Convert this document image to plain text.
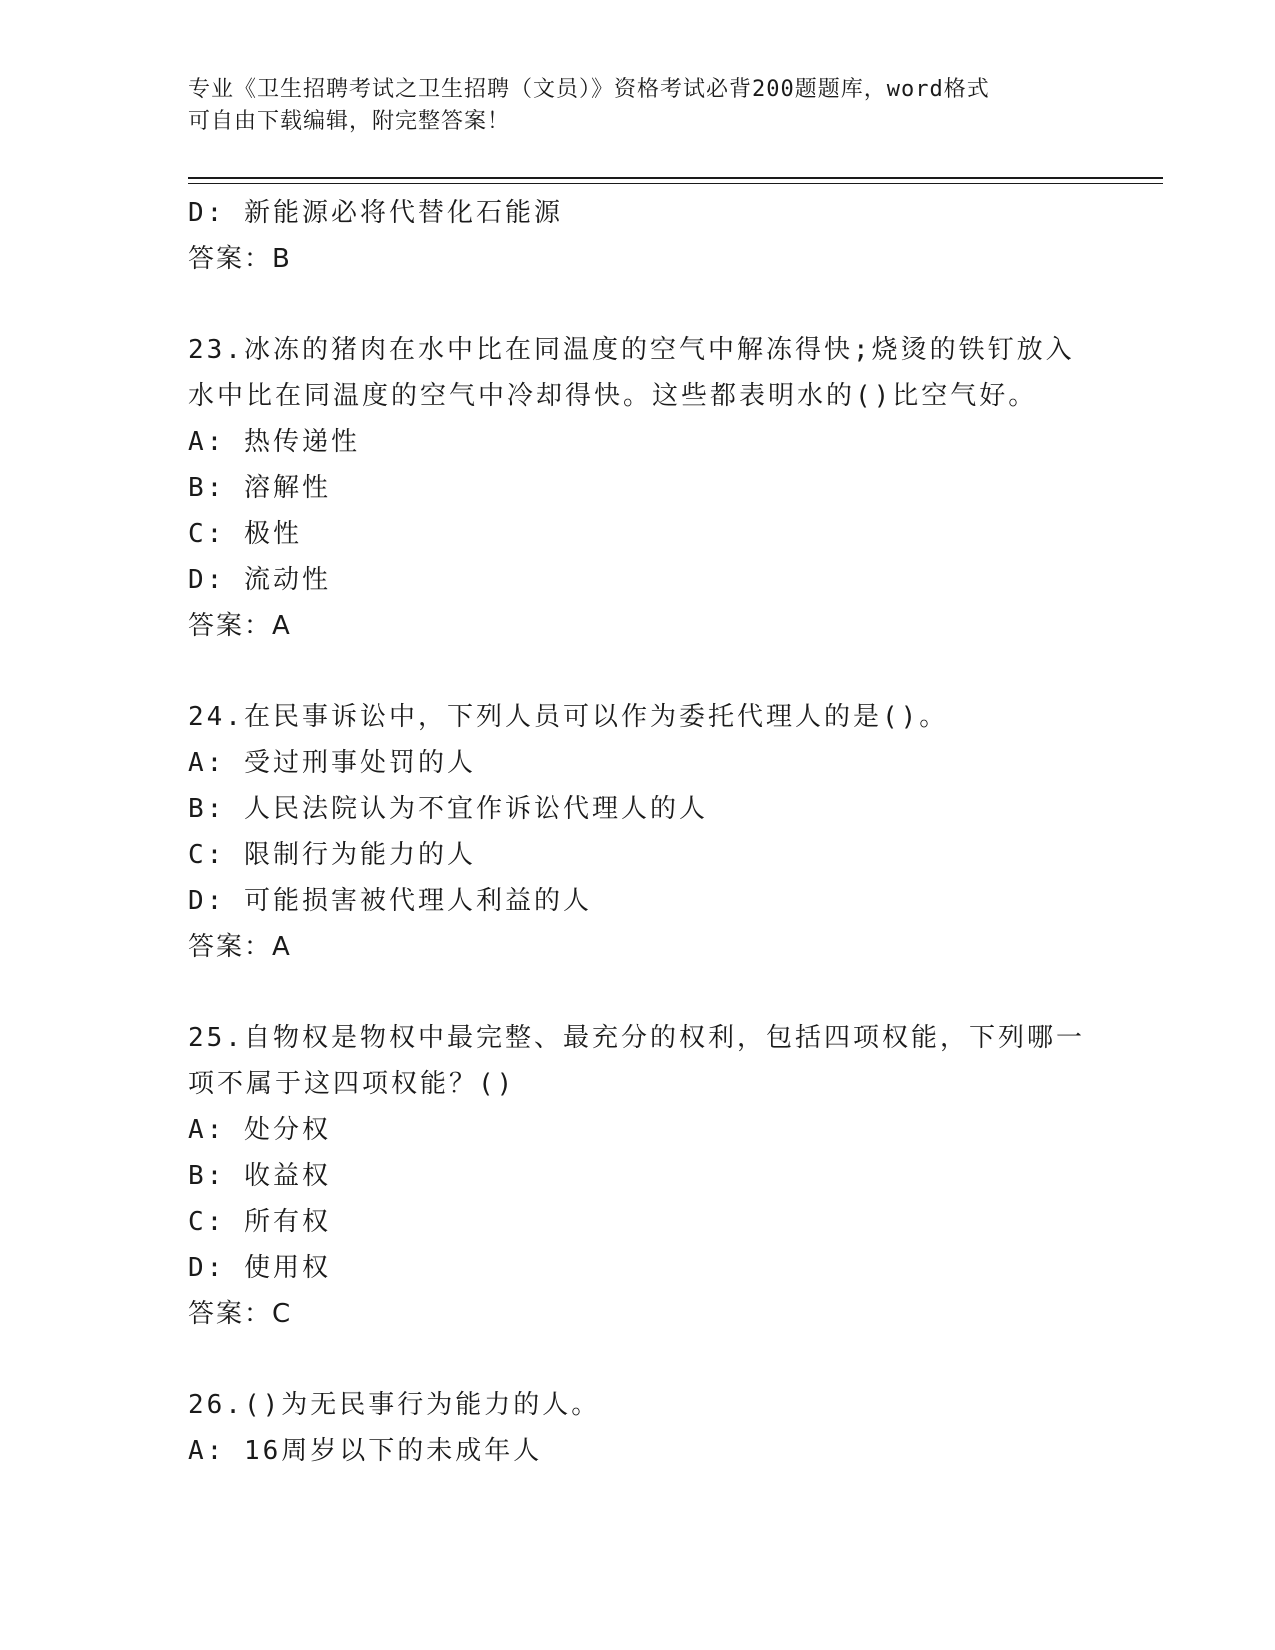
专业《卫生招聘考试之卫生招聘（文员）》资格考试必背200题题库，word格式
可自由下载编辑，附完整答案！
D: 新能源必将代替化石能源
答案：B
23.冰冻的猪肉在水中比在同温度的空气中解冻得快;烧烫的铁钉放入
水中比在同温度的空气中冷却得快。这些都表明水的()比空气好。
A: 热传递性
B: 溶解性
C: 极性
D: 流动性
答案：A
24.在民事诉讼中，下列人员可以作为委托代理人的是()。
A: 受过刑事处罚的人
B: 人民法院认为不宜作诉讼代理人的人
C: 限制行为能力的人
D: 可能损害被代理人利益的人
答案：A
25.自物权是物权中最完整、最充分的权利，包括四项权能，下列哪一
项不属于这四项权能？()
A: 处分权
B: 收益权
C: 所有权
D: 使用权
答案：C
26.()为无民事行为能力的人。
A: 16周岁以下的未成年人
